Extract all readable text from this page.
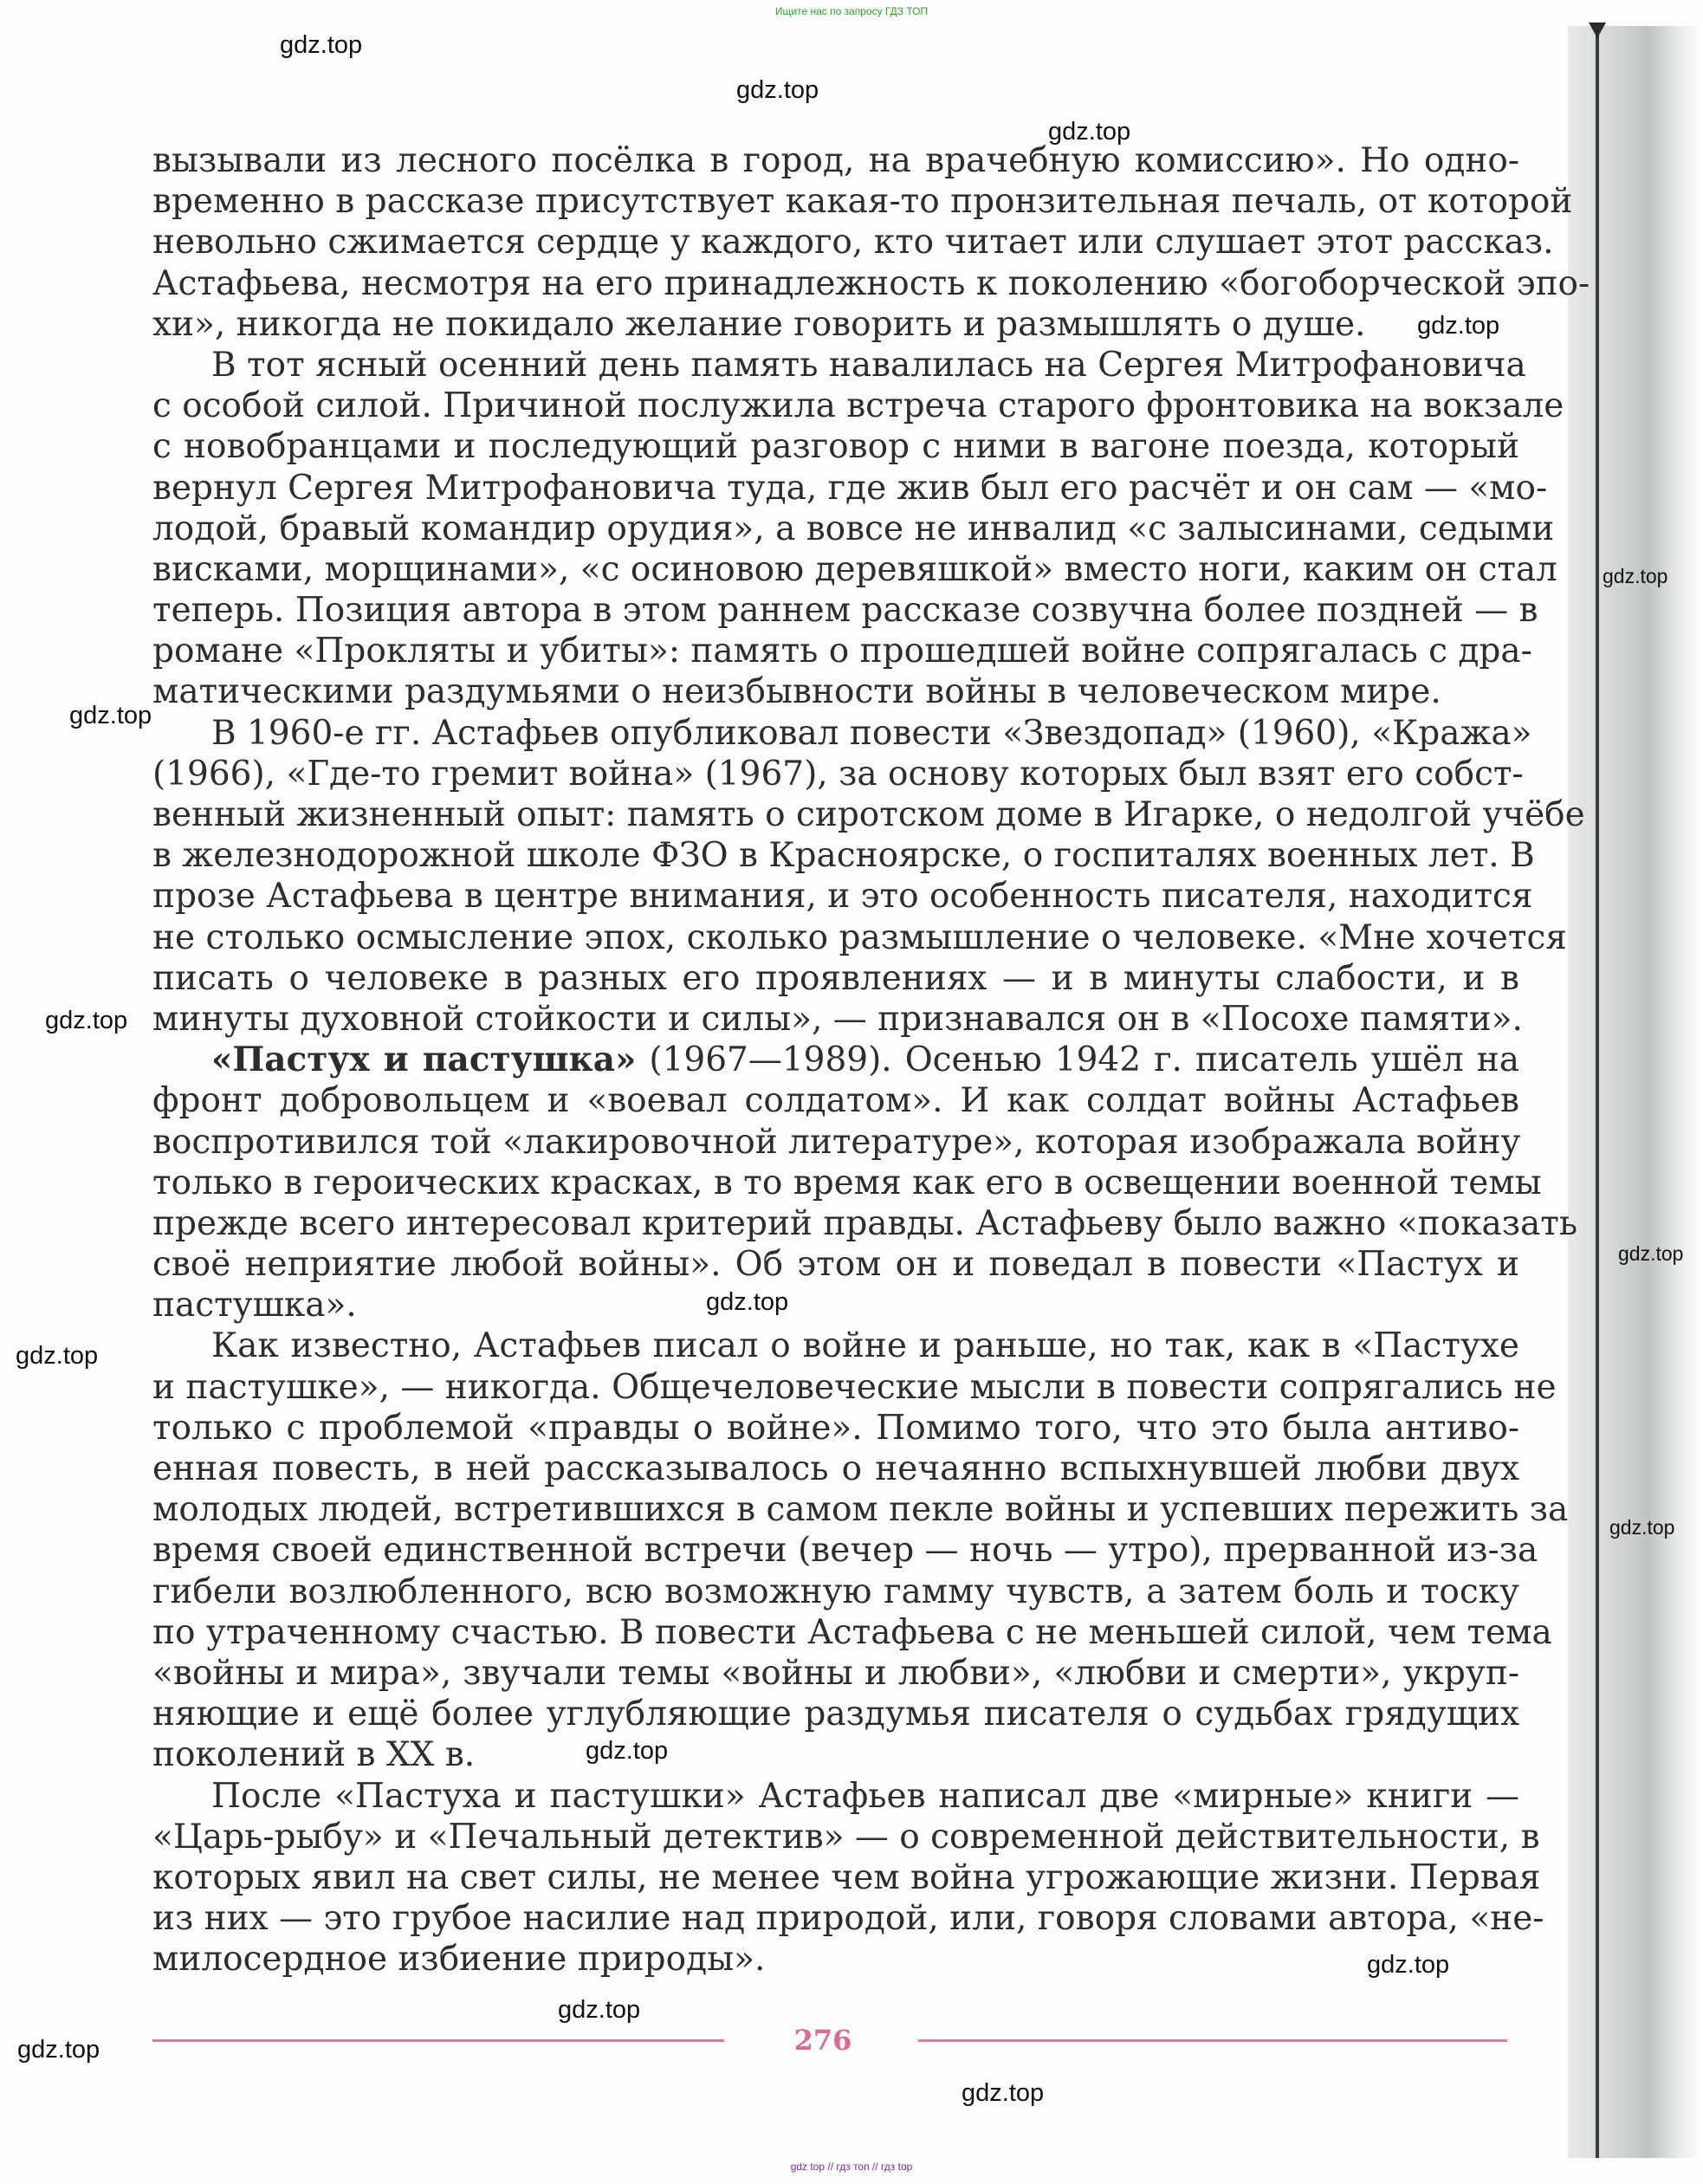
Ищите нас по запросу ГДЗ ТОП
вызывали из лесного посёлка в город, на врачебную комиссию». Но одно-
временно в рассказе присутствует какая-то пронзительная печаль, от которой
невольно сжимается сердце у каждого, кто читает или слушает этот рассказ.
Астафьева, несмотря на его принадлежность к поколению «богоборческой эпо-
хи», никогда не покидало желание говорить и размышлять о душе.
В тот ясный осенний день память навалилась на Сергея Митрофановича
с особой силой. Причиной послужила встреча старого фронтовика на вокзале
с новобранцами и последующий разговор с ними в вагоне поезда, который
вернул Сергея Митрофановича туда, где жив был его расчёт и он сам — «мо-
лодой, бравый командир орудия», а вовсе не инвалид «с залысинами, седыми
висками, морщинами», «с осиновою деревяшкой» вместо ноги, каким он стал
теперь. Позиция автора в этом раннем рассказе созвучна более поздней — в
романе «Прокляты и убиты»: память о прошедшей войне сопрягалась с дра-
матическими раздумьями о неизбывности войны в человеческом мире.
В 1960-е гг. Астафьев опубликовал повести «Звездопад» (1960), «Кража»
(1966), «Где-то гремит война» (1967), за основу которых был взят его собст-
венный жизненный опыт: память о сиротском доме в Игарке, о недолгой учёбе
в железнодорожной школе ФЗО в Красноярске, о госпиталях военных лет. В
прозе Астафьева в центре внимания, и это особенность писателя, находится
не столько осмысление эпох, сколько размышление о человеке. «Мне хочется
писать о человеке в разных его проявлениях — и в минуты слабости, и в
минуты духовной стойкости и силы», — признавался он в «Посохе памяти».
«Пастух и пастушка» (1967—1989). Осенью 1942 г. писатель ушёл на
фронт добровольцем и «воевал солдатом». И как солдат войны Астафьев
воспротивился той «лакировочной литературе», которая изображала войну
только в героических красках, в то время как его в освещении военной темы
прежде всего интересовал критерий правды. Астафьеву было важно «показать
своё неприятие любой войны». Об этом он и поведал в повести «Пастух и
пастушка».
Как известно, Астафьев писал о войне и раньше, но так, как в «Пастухе
и пастушке», — никогда. Общечеловеческие мысли в повести сопрягались не
только с проблемой «правды о войне». Помимо того, что это была антиво-
енная повесть, в ней рассказывалось о нечаянно вспыхнувшей любви двух
молодых людей, встретившихся в самом пекле войны и успевших пережить за
время своей единственной встречи (вечер — ночь — утро), прерванной из-за
гибели возлюбленного, всю возможную гамму чувств, а затем боль и тоску
по утраченному счастью. В повести Астафьева с не меньшей силой, чем тема
«войны и мира», звучали темы «войны и любви», «любви и смерти», укруп-
няющие и ещё более углубляющие раздумья писателя о судьбах грядущих
поколений в XX в.
После «Пастуха и пастушки» Астафьев написал две «мирные» книги —
«Царь-рыбу» и «Печальный детектив» — о современной действительности, в
которых явил на свет силы, не менее чем война угрожающие жизни. Первая
из них — это грубое насилие над природой, или, говоря словами автора, «не-
милосердное избиение природы».
276
gdz.top
gdz.top
gdz.top
gdz.top
gdz.top
gdz.top
gdz.top
gdz.top
gdz.top
gdz.top
gdz.top
gdz.top
gdz.top
gdz.top
gdz.top
gdz.top
gdz top // гдз топ // гдз top
